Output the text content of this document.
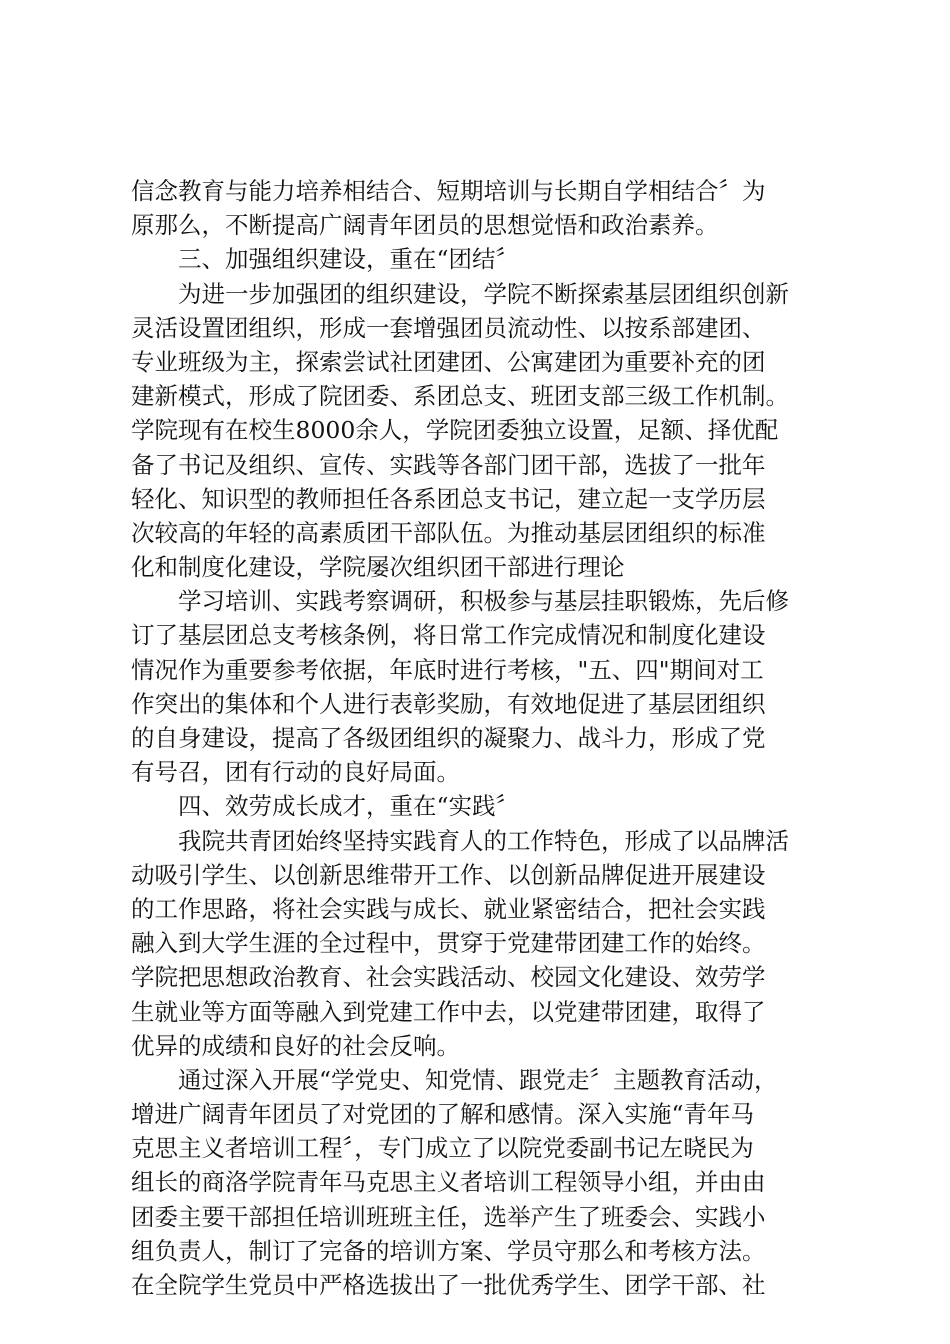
信念教育与能力培养相结合、短期培训与长期自学相结合〞为
原那么，不断提高广阔青年团员的思想觉悟和政治素养。
三、加强组织建设，重在“团结〞
为进一步加强团的组织建设，学院不断探索基层团组织创新
灵活设置团组织，形成一套增强团员流动性、以按系部建团、
专业班级为主，探索尝试社团建团、公寓建团为重要补充的团
建新模式，形成了院团委、系团总支、班团支部三级工作机制。
学院现有在校生8000余人，学院团委独立设置，足额、择优配
备了书记及组织、宣传、实践等各部门团干部，选拔了一批年
轻化、知识型的教师担任各系团总支书记，建立起一支学历层
次较高的年轻的高素质团干部队伍。为推动基层团组织的标准
化和制度化建设，学院屡次组织团干部进行理论
学习培训、实践考察调研，积极参与基层挂职锻炼，先后修
订了基层团总支考核条例，将日常工作完成情况和制度化建设
情况作为重要参考依据，年底时进行考核，"五、四"期间对工
作突出的集体和个人进行表彰奖励，有效地促进了基层团组织
的自身建设，提高了各级团组织的凝聚力、战斗力，形成了党
有号召，团有行动的良好局面。
四、效劳成长成才，重在“实践〞
我院共青团始终坚持实践育人的工作特色，形成了以品牌活
动吸引学生、以创新思维带开工作、以创新品牌促进开展建设
的工作思路，将社会实践与成长、就业紧密结合，把社会实践
融入到大学生涯的全过程中，贯穿于党建带团建工作的始终。
学院把思想政治教育、社会实践活动、校园文化建设、效劳学
生就业等方面等融入到党建工作中去，以党建带团建，取得了
优异的成绩和良好的社会反响。
通过深入开展“学党史、知党情、跟党走〞主题教育活动，
增进广阔青年团员了对党团的了解和感情。深入实施“青年马
克思主义者培训工程〞，专门成立了以院党委副书记左晓民为
组长的商洛学院青年马克思主义者培训工程领导小组，并由由
团委主要干部担任培训班班主任，选举产生了班委会、实践小
组负责人，制订了完备的培训方案、学员守那么和考核方法。
在全院学生党员中严格选拔出了一批优秀学生、团学干部、社
